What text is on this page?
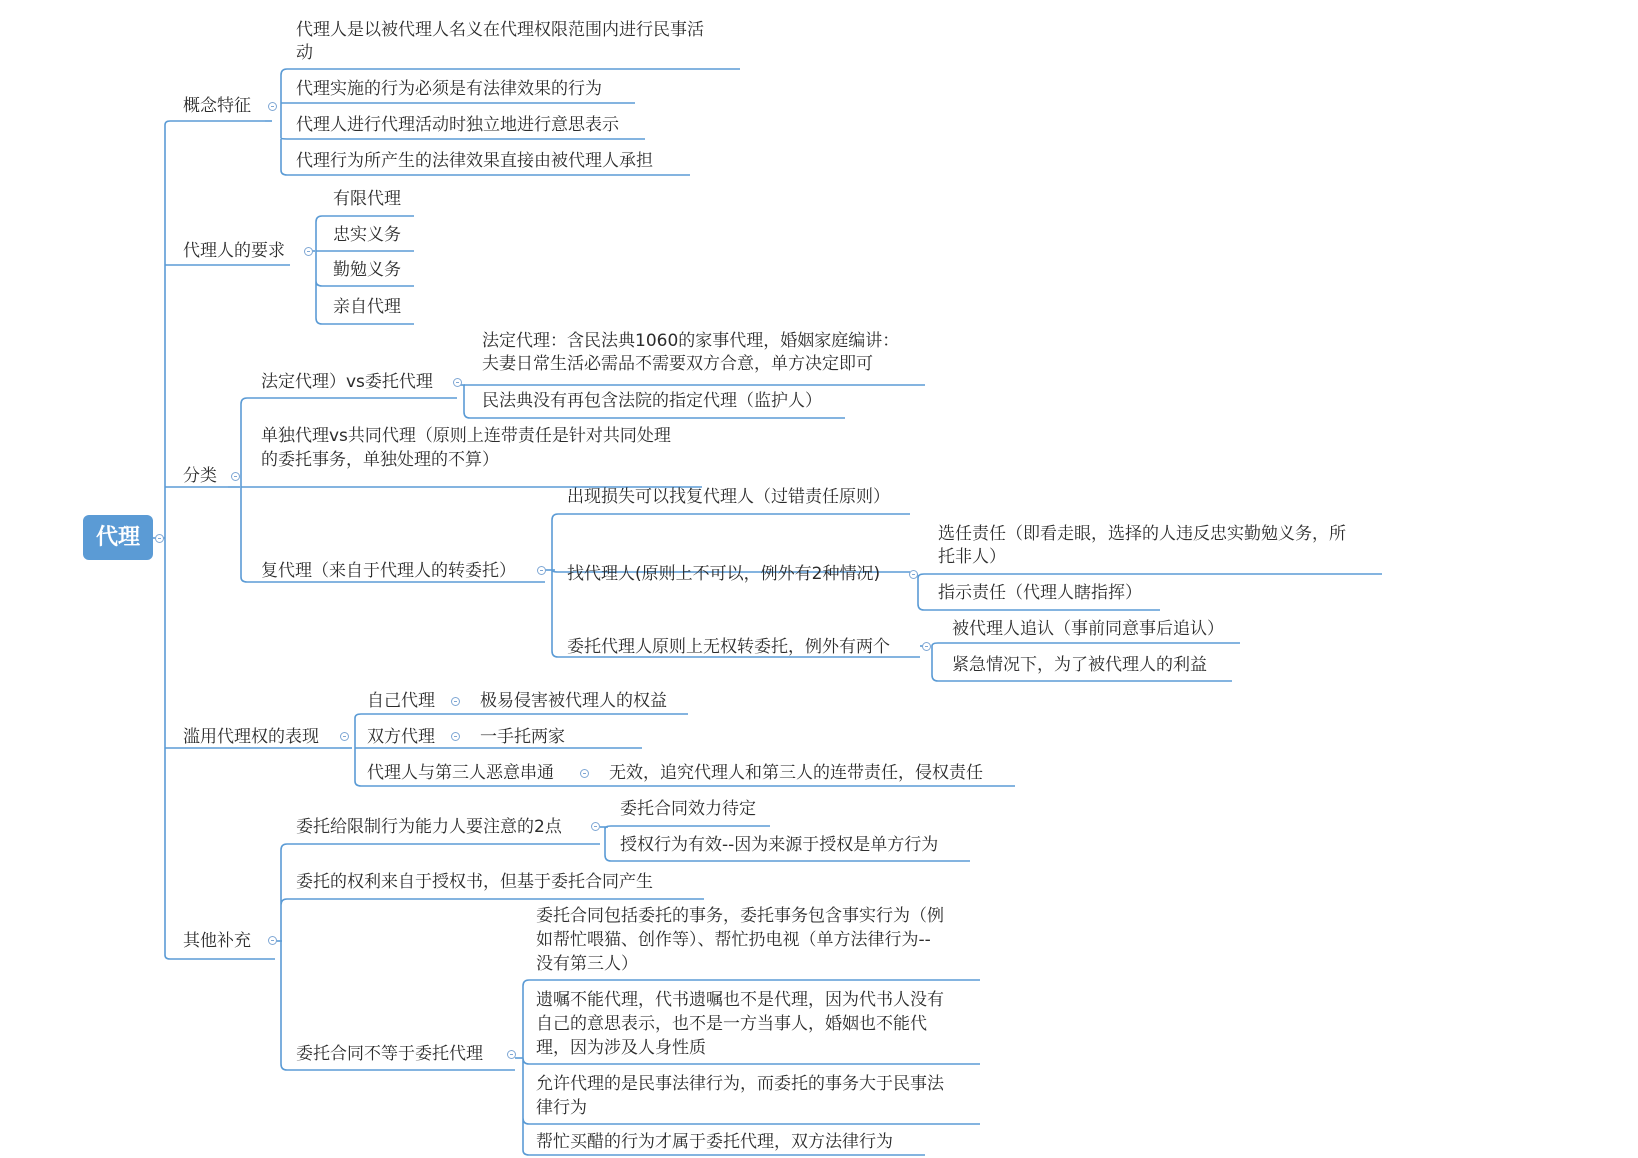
代理
概念特征
代理人是以被代理人名义在代理权限范围内进行民事活
动
代理实施的行为必须是有法律效果的行为
代理人进行代理活动时独立地进行意思表示
代理行为所产生的法律效果直接由被代理人承担
代理人的要求
有限代理
忠实义务
勤勉义务
亲自代理
分类
法定代理）vs委托代理
法定代理：含民法典1060的家事代理，婚姻家庭编讲：
夫妻日常生活必需品不需要双方合意，单方决定即可
民法典没有再包含法院的指定代理（监护人）
单独代理vs共同代理（原则上连带责任是针对共同处理
的委托事务，单独处理的不算）
复代理（来自于代理人的转委托）
出现损失可以找复代理人（过错责任原则）
找代理人(原则上不可以，例外有2种情况)
选任责任（即看走眼，选择的人违反忠实勤勉义务，所
托非人）
指示责任（代理人瞎指挥）
委托代理人原则上无权转委托，例外有两个
被代理人追认（事前同意事后追认）
紧急情况下，为了被代理人的利益
滥用代理权的表现
自己代理	极易侵害被代理人的权益
双方代理	一手托两家
代理人与第三人恶意串通	无效，追究代理人和第三人的连带责任，侵权责任
其他补充
委托给限制行为能力人要注意的2点
委托合同效力待定
授权行为有效--因为来源于授权是单方行为
委托的权利来自于授权书，但基于委托合同产生
委托合同不等于委托代理
委托合同包括委托的事务，委托事务包含事实行为（例
如帮忙喂猫、创作等）、帮忙扔电视（单方法律行为--
没有第三人）
遗嘱不能代理，代书遗嘱也不是代理，因为代书人没有
自己的意思表示，也不是一方当事人，婚姻也不能代
理，因为涉及人身性质
允许代理的是民事法律行为，而委托的事务大于民事法
律行为
帮忙买醋的行为才属于委托代理，双方法律行为
